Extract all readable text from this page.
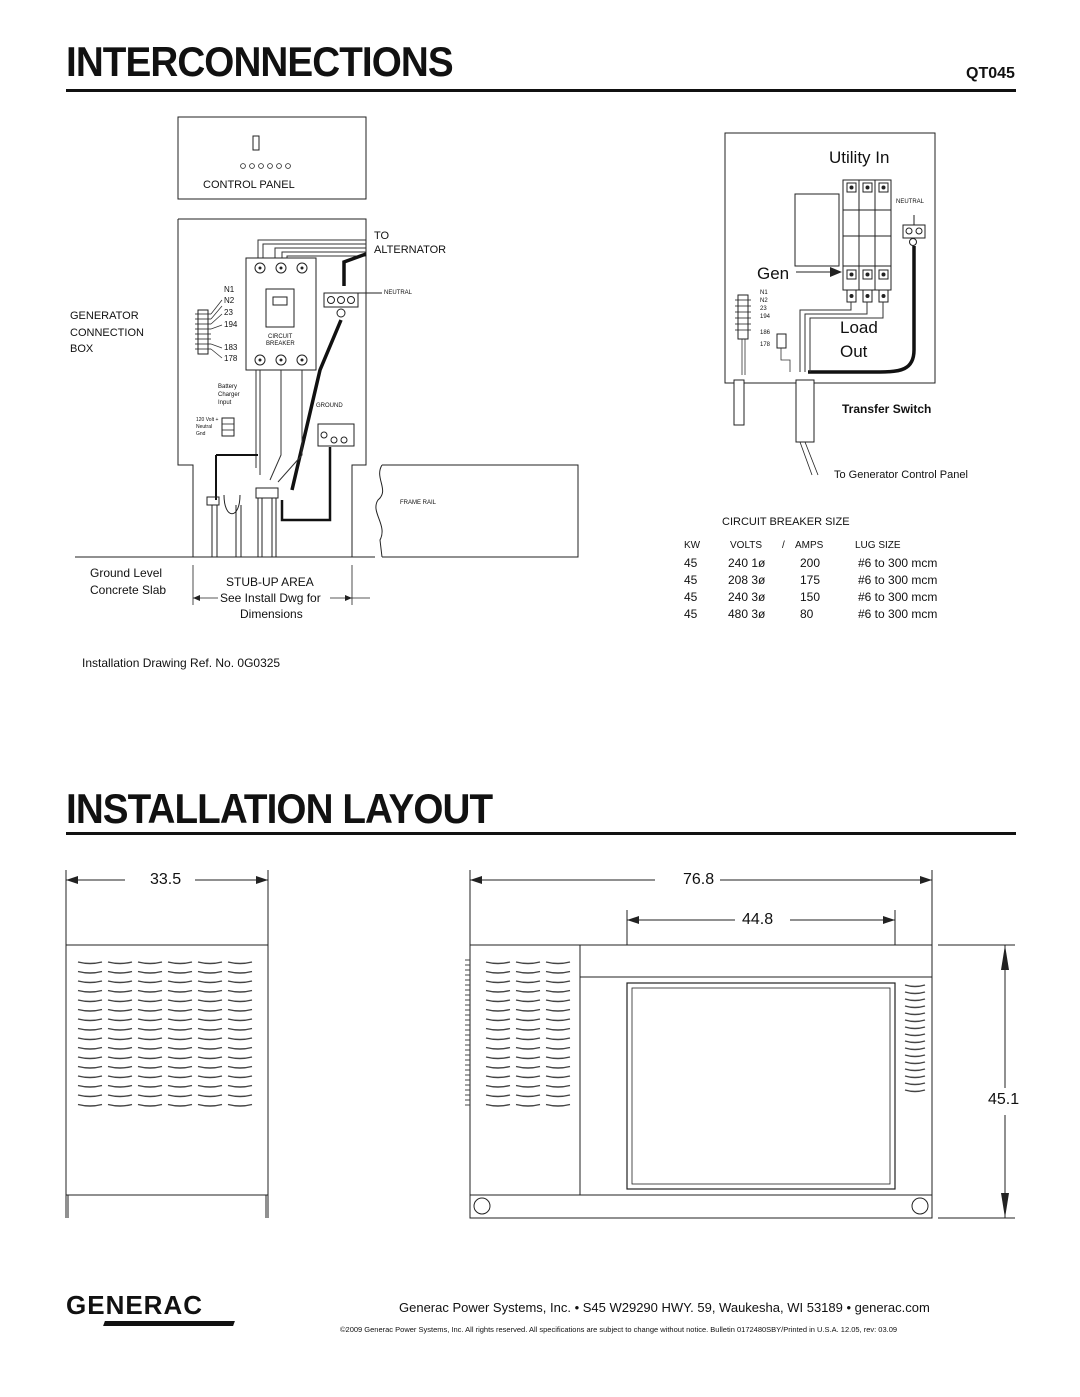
INTERCONNECTIONS	QT045
CONTROL PANEL
TO
ALTERNATOR
NEUTRAL
GROUND
CIRCUIT
BREAKER
GENERATOR
CONNECTION
BOX
N1
N2
23
194
183
178
Battery
Charger
Input
120 Volt +
Neutral
Gnd
FRAME RAIL
Ground Level
Concrete Slab
STUB-UP AREA
See Install Dwg for
Dimensions
Installation Drawing Ref. No. 0G0325
Utility In
NEUTRAL
Gen
Load
Out
N1
N2
23
194
186
178
Transfer Switch
To Generator Control Panel
CIRCUIT BREAKER SIZE
KW	VOLTS / AMPS	LUG SIZE
45	240 1ø	200	#6 to 300 mcm
45	208 3ø	175	#6 to 300 mcm
45	240 3ø	150	#6 to 300 mcm
45	480 3ø	80	#6 to 300 mcm
INSTALLATION LAYOUT
33.5	76.8
44.8
45.1
GENERAC	Generac Power Systems, Inc. • S45 W29290 HWY. 59, Waukesha, WI 53189 • generac.com
©2009 Generac Power Systems, Inc. All rights reserved. All specifications are subject to change without notice. Bulletin 0172480SBY/Printed in U.S.A. 12.05, rev: 03.09
